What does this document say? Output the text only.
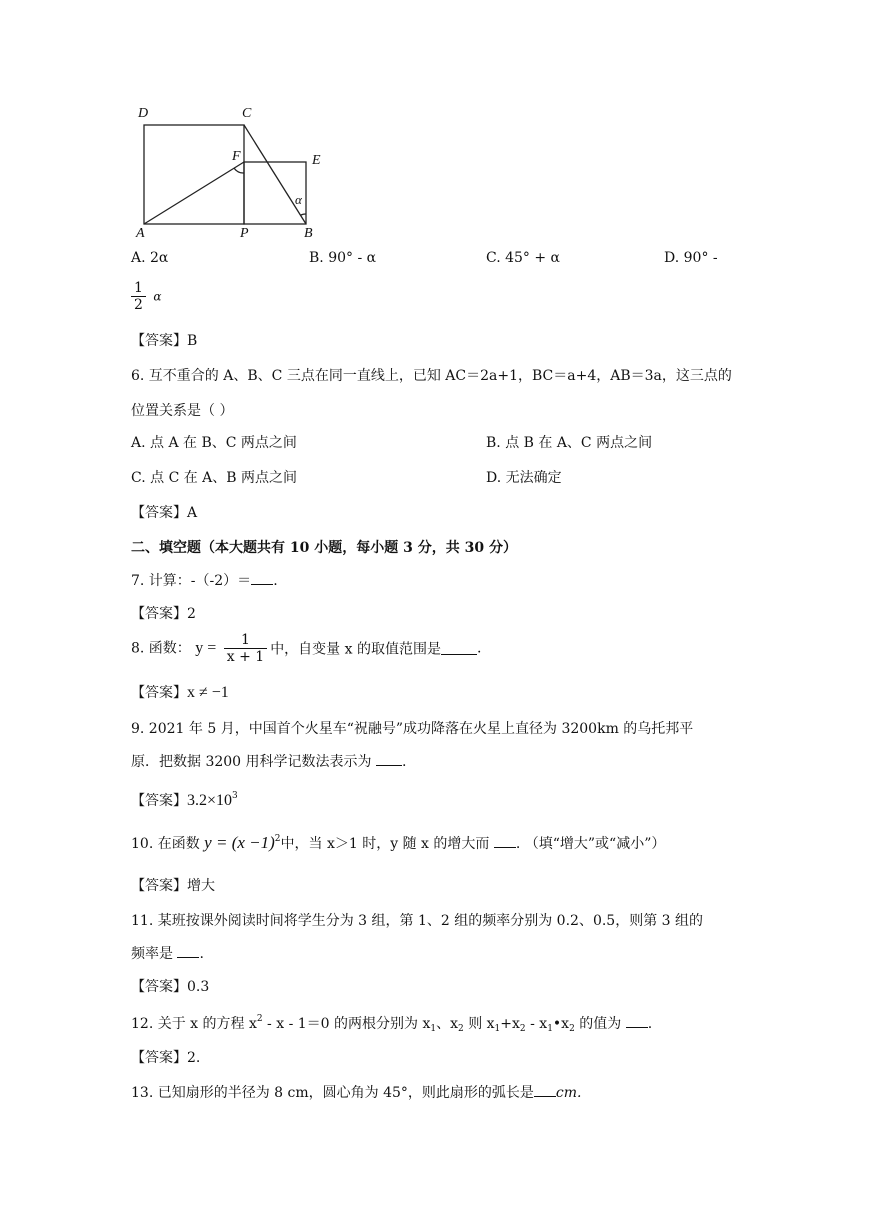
D	C
F	E
A	P	B
α
A. 2α	B. 90° - α	C. 45° + α	D. 90° -
$\frac{1}{2}$ α
【答案】B
6. 互不重合的 A、B、C 三点在同一直线上，已知 AC＝2a+1，BC＝a+4，AB＝3a，这三点的
位置关系是（ ）
A. 点 A 在 B、C 两点之间	B. 点 B 在 A、C 两点之间
C. 点 C 在 A、B 两点之间	D. 无法确定
【答案】A
二、填空题（本大题共有 10 小题，每小题 3 分，共 30 分）
7. 计算：-（-2）＝ .
【答案】2
8. 函数： $y = \frac{1}{x + 1}$ 中，自变量 x 的取值范围是	.
【答案】x ≠ −1
9. 2021 年 5 月，中国首个火星车“祝融号”成功降落在火星上直径为 3200km 的乌托邦平
原．把数据 3200 用科学记数法表示为 .
【答案】$3.2\times 10^3$
10. 在函数 $y = (x -1)^2$中，当 x＞1 时，y 随 x 的增大而 . （填“增大”或“减小”）
【答案】增大
11. 某班按课外阅读时间将学生分为 3 组，第 1、2 组的频率分别为 0.2、0.5，则第 3 组的
频率是 .
【答案】0.3
12. 关于 x 的方程 $x^2 - x - 1=0$ 的两根分别为 $x_1$、$x_2$ 则 $x_1+x_2$ - $x_1•x_2$ 的值为 .
【答案】2.
13. 已知扇形的半径为 8 cm，圆心角为 45°，则此扇形的弧长是 cm.
